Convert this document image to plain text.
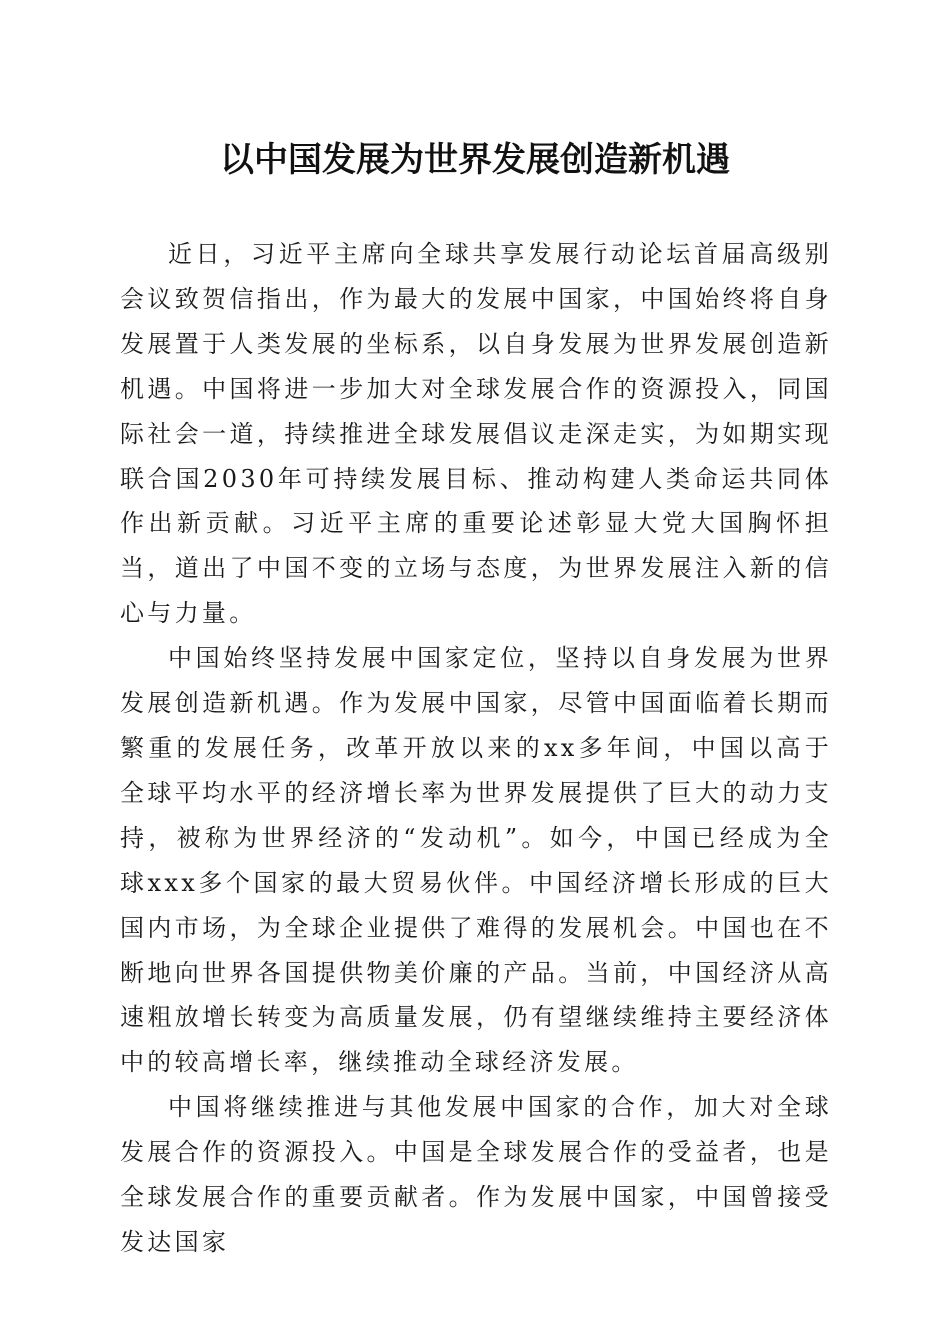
以中国发展为世界发展创造新机遇

近日，习近平主席向全球共享发展行动论坛首届高级别会议致贺信指出，作为最大的发展中国家，中国始终将自身发展置于人类发展的坐标系，以自身发展为世界发展创造新机遇。中国将进一步加大对全球发展合作的资源投入，同国际社会一道，持续推进全球发展倡议走深走实，为如期实现联合国2030年可持续发展目标、推动构建人类命运共同体作出新贡献。习近平主席的重要论述彰显大党大国胸怀担当，道出了中国不变的立场与态度，为世界发展注入新的信心与力量。

中国始终坚持发展中国家定位，坚持以自身发展为世界发展创造新机遇。作为发展中国家，尽管中国面临着长期而繁重的发展任务，改革开放以来的xx多年间，中国以高于全球平均水平的经济增长率为世界发展提供了巨大的动力支持，被称为世界经济的“发动机”。如今，中国已经成为全球xxx多个国家的最大贸易伙伴。中国经济增长形成的巨大国内市场，为全球企业提供了难得的发展机会。中国也在不断地向世界各国提供物美价廉的产品。当前，中国经济从高速粗放增长转变为高质量发展，仍有望继续维持主要经济体中的较高增长率，继续推动全球经济发展。

中国将继续推进与其他发展中国家的合作，加大对全球发展合作的资源投入。中国是全球发展合作的受益者，也是全球发展合作的重要贡献者。作为发展中国家，中国曾接受发达国家
